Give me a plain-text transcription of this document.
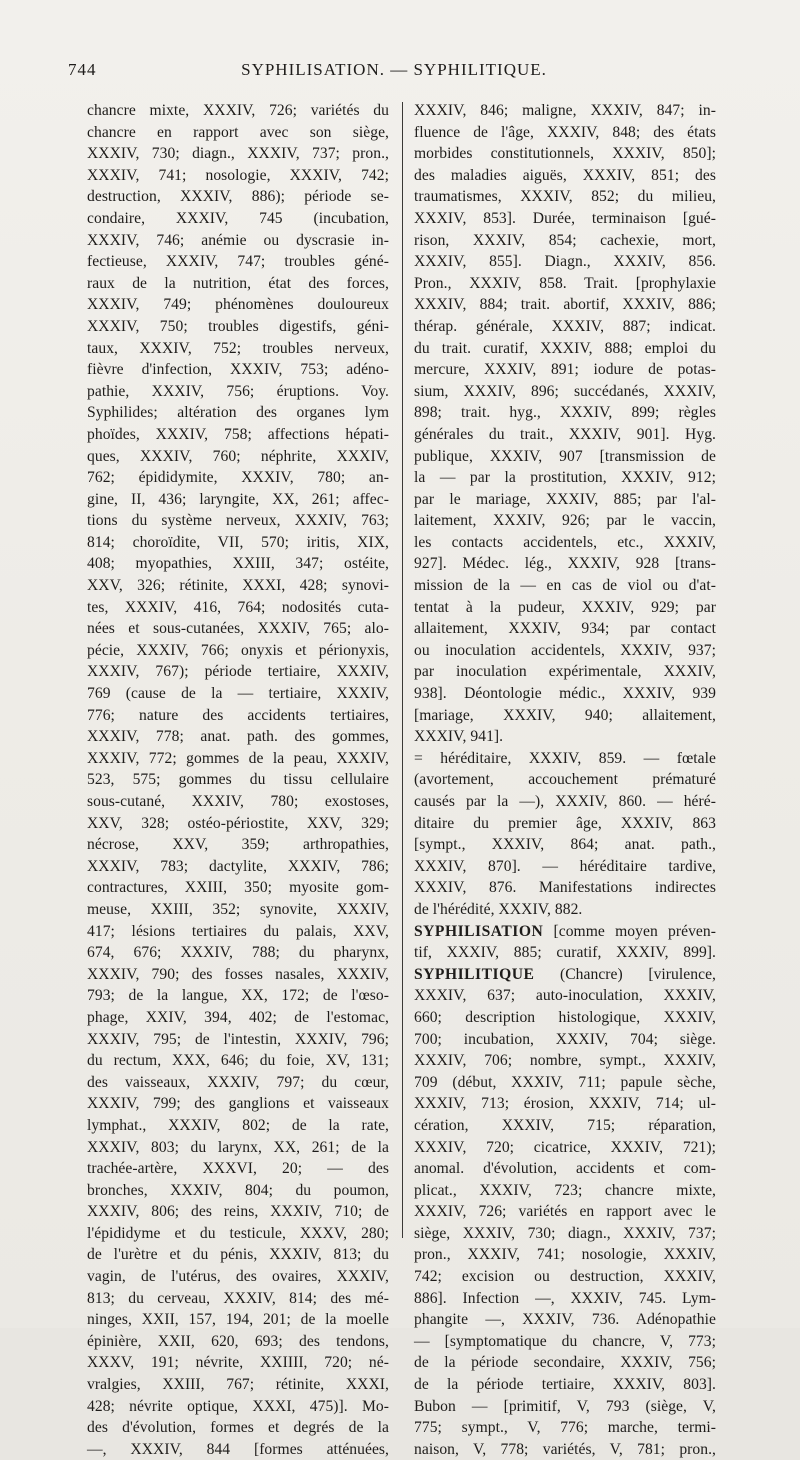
744	SYPHILISATION. — SYPHILITIQUE.
chancre mixte, XXXIV, 726; variétés du
chancre en rapport avec son siège,
XXXIV, 730; diagn., XXXIV, 737; pron.,
XXXIV, 741; nosologie, XXXIV, 742;
destruction, XXXIV, 886); période se-
condaire, XXXIV, 745 (incubation,
XXXIV, 746; anémie ou dyscrasie in-
fectieuse, XXXIV, 747; troubles géné-
raux de la nutrition, état des forces,
XXXIV, 749; phénomènes douloureux
XXXIV, 750; troubles digestifs, géni-
taux, XXXIV, 752; troubles nerveux,
fièvre d'infection, XXXIV, 753; adéno-
pathie, XXXIV, 756; éruptions. Voy.
Syphilides; altération des organes lym
phoïdes, XXXIV, 758; affections hépati-
ques, XXXIV, 760; néphrite, XXXIV,
762; épididymite, XXXIV, 780; an-
gine, II, 436; laryngite, XX, 261; affec-
tions du système nerveux, XXXIV, 763;
814; choroïdite, VII, 570; iritis, XIX,
408; myopathies, XXIII, 347; ostéite,
XXV, 326; rétinite, XXXI, 428; synovi-
tes, XXXIV, 416, 764; nodosités cuta-
nées et sous-cutanées, XXXIV, 765; alo-
pécie, XXXIV, 766; onyxis et périonyxis,
XXXIV, 767); période tertiaire, XXXIV,
769 (cause de la — tertiaire, XXXIV,
776; nature des accidents tertiaires,
XXXIV, 778; anat. path. des gommes,
XXXIV, 772; gommes de la peau, XXXIV,
523, 575; gommes du tissu cellulaire
sous-cutané, XXXIV, 780; exostoses,
XXV, 328; ostéo-périostite, XXV, 329;
nécrose, XXV, 359; arthropathies,
XXXIV, 783; dactylite, XXXIV, 786;
contractures, XXIII, 350; myosite gom-
meuse, XXIII, 352; synovite, XXXIV,
417; lésions tertiaires du palais, XXV,
674, 676; XXXIV, 788; du pharynx,
XXXIV, 790; des fosses nasales, XXXIV,
793; de la langue, XX, 172; de l'œso-
phage, XXIV, 394, 402; de l'estomac,
XXXIV, 795; de l'intestin, XXXIV, 796;
du rectum, XXX, 646; du foie, XV, 131;
des vaisseaux, XXXIV, 797; du cœur,
XXXIV, 799; des ganglions et vaisseaux
lymphat., XXXIV, 802; de la rate,
XXXIV, 803; du larynx, XX, 261; de la
trachée-artère, XXXVI, 20; — des
bronches, XXXIV, 804; du poumon,
XXXIV, 806; des reins, XXXIV, 710; de
l'épididyme et du testicule, XXXV, 280;
de l'urètre et du pénis, XXXIV, 813; du
vagin, de l'utérus, des ovaires, XXXIV,
813; du cerveau, XXXIV, 814; des mé-
ninges, XXII, 157, 194, 201; de la moelle
épinière, XXII, 620, 693; des tendons,
XXXV, 191; névrite, XXIIII, 720; né-
vralgies, XXIII, 767; rétinite, XXXI,
428; névrite optique, XXXI, 475)]. Mo-
des d'évolution, formes et degrés de la
—, XXXIV, 844 [formes atténuées,
XXXIV, 846; maligne, XXXIV, 847; in-
fluence de l'âge, XXXIV, 848; des états
morbides constitutionnels, XXXIV, 850];
des maladies aiguës, XXXIV, 851; des
traumatismes, XXXIV, 852; du milieu,
XXXIV, 853]. Durée, terminaison [gué-
rison, XXXIV, 854; cachexie, mort,
XXXIV, 855]. Diagn., XXXIV, 856.
Pron., XXXIV, 858. Trait. [prophylaxie
XXXIV, 884; trait. abortif, XXXIV, 886;
thérap. générale, XXXIV, 887; indicat.
du trait. curatif, XXXIV, 888; emploi du
mercure, XXXIV, 891; iodure de potas-
sium, XXXIV, 896; succédanés, XXXIV,
898; trait. hyg., XXXIV, 899; règles
générales du trait., XXXIV, 901]. Hyg.
publique, XXXIV, 907 [transmission de
la — par la prostitution, XXXIV, 912;
par le mariage, XXXIV, 885; par l'al-
laitement, XXXIV, 926; par le vaccin,
les contacts accidentels, etc., XXXIV,
927]. Médec. lég., XXXIV, 928 [trans-
mission de la — en cas de viol ou d'at-
tentat à la pudeur, XXXIV, 929; par
allaitement, XXXIV, 934; par contact
ou inoculation accidentels, XXXIV, 937;
par inoculation expérimentale, XXXIV,
938]. Déontologie médic., XXXIV, 939
[mariage, XXXIV, 940; allaitement,
XXXIV, 941].
= héréditaire, XXXIV, 859. — fœtale
(avortement, accouchement prématuré
causés par la —), XXXIV, 860. — héré-
ditaire du premier âge, XXXIV, 863
[sympt., XXXIV, 864; anat. path.,
XXXIV, 870]. — héréditaire tardive,
XXXIV, 876. Manifestations indirectes
de l'hérédité, XXXIV, 882.
SYPHILISATION [comme moyen préven-
tif, XXXIV, 885; curatif, XXXIV, 899].
SYPHILITIQUE (Chancre) [virulence,
XXXIV, 637; auto-inoculation, XXXIV,
660; description histologique, XXXIV,
700; incubation, XXXIV, 704; siège.
XXXIV, 706; nombre, sympt., XXXIV,
709 (début, XXXIV, 711; papule sèche,
XXXIV, 713; érosion, XXXIV, 714; ul-
cération, XXXIV, 715; réparation,
XXXIV, 720; cicatrice, XXXIV, 721);
anomal. d'évolution, accidents et com-
plicat., XXXIV, 723; chancre mixte,
XXXIV, 726; variétés en rapport avec le
siège, XXXIV, 730; diagn., XXXIV, 737;
pron., XXXIV, 741; nosologie, XXXIV,
742; excision ou destruction, XXXIV,
886]. Infection —, XXXIV, 745. Lym-
phangite —, XXXIV, 736. Adénopathie
— [symptomatique du chancre, V, 773;
de la période secondaire, XXXIV, 756;
de la période tertiaire, XXXIV, 803].
Bubon — [primitif, V, 793 (siège, V,
775; sympt., V, 776; marche, termi-
naison, V, 778; variétés, V, 781; pron.,
